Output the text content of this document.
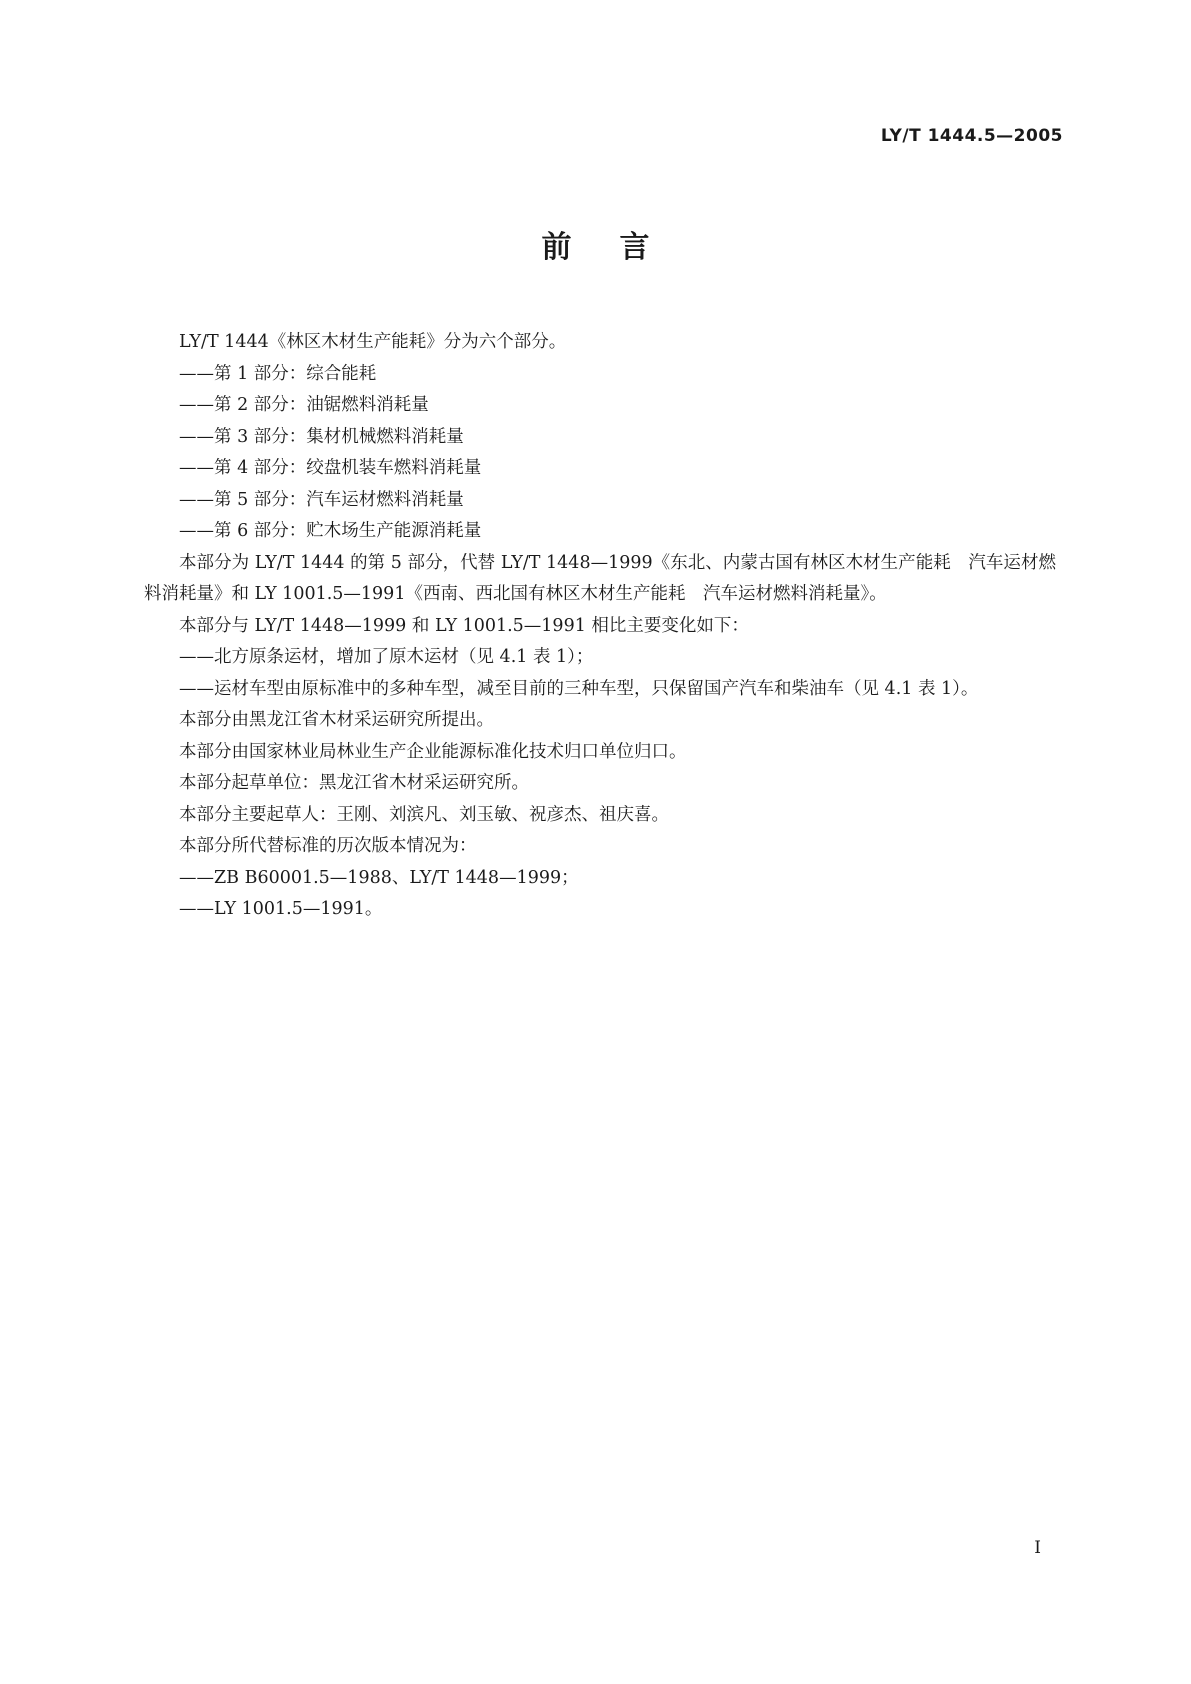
LY/T 1444.5—2005
前言

LY/T 1444《林区木材生产能耗》分为六个部分。

——第 1 部分：综合能耗

——第 2 部分：油锯燃料消耗量

——第 3 部分：集材机械燃料消耗量

——第 4 部分：绞盘机装车燃料消耗量

——第 5 部分：汽车运材燃料消耗量

——第 6 部分：贮木场生产能源消耗量

本部分为 LY/T 1444 的第 5 部分，代替 LY/T 1448—1999《东北、内蒙古国有林区木材生产能耗　汽车运材燃料消耗量》和 LY 1001.5—1991《西南、西北国有林区木材生产能耗　汽车运材燃料消耗量》。

本部分与 LY/T 1448—1999 和 LY 1001.5—1991 相比主要变化如下：

——北方原条运材，增加了原木运材（见 4.1 表 1）；

——运材车型由原标准中的多种车型，减至目前的三种车型，只保留国产汽车和柴油车（见 4.1 表 1）。

本部分由黑龙江省木材采运研究所提出。

本部分由国家林业局林业生产企业能源标准化技术归口单位归口。

本部分起草单位：黑龙江省木材采运研究所。

本部分主要起草人：王刚、刘滨凡、刘玉敏、祝彦杰、祖庆喜。

本部分所代替标准的历次版本情况为：

——ZB B60001.5—1988、LY/T 1448—1999；

——LY 1001.5—1991。

I
